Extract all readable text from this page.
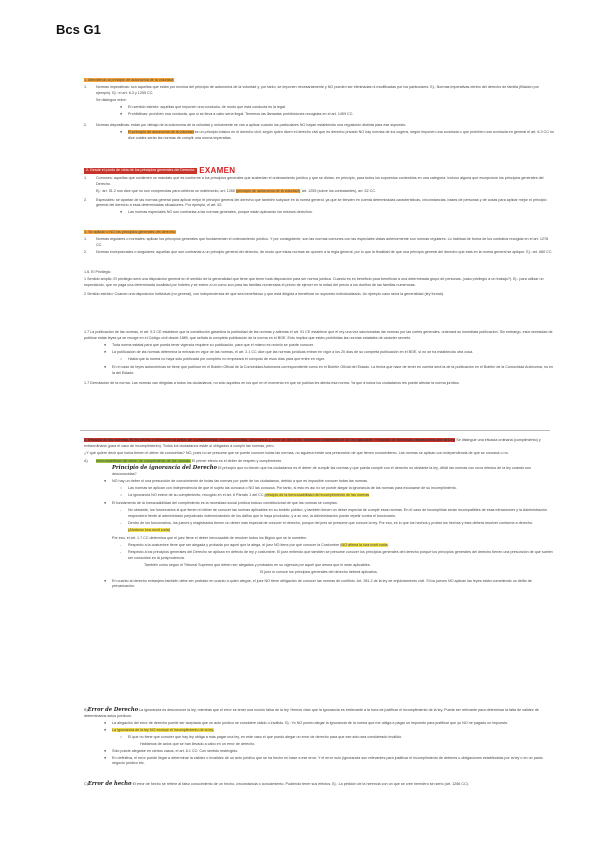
Bcs G1

1. Atendiendo al principio de autonomía de la voluntad:

1. Normas imperativas: son aquellas que están por encima del principio de autonomía de la voluntad y, por tanto, se imponen necesariamente y NO pueden ser eliminadas ni modificadas por los particulares. Ej.: Normas imperativas dentro del derecho de familia (filiación por ejemplo). Ej.: el art. 6.3 y 1255 CC.

Se distingue entre:

● En sentido estricto: aquellas que imponen una conducta, de modo que esta conducta es la legal.

● Prohibitivas: prohíben una conducta, que si se lleva a cabo sería ilegal. Tenemos las llamadas prohibiciones recogidas en el art. 1459 CC.

2. Normas dispositivas: están por debajo de la autonomía de la voluntad y únicamente se van a aplicar cuando los particulares NO hayan establecido una regulación distinta para ese supuesto.

● El principio de autonomía de la voluntad es un principio básico en el derecho civil, según quien dicen el derecho civil que es derecho privado NO hay normas de ius cogens, según imponen una conducta o que prohíben una conducta en general el art. 6.3 CC no dice cuáles serán las normas de cumplir una norma imperativa.

2. Desde el punto de vista de los principios generales del Derecho: EXAMEN

1. Comunes: aquellas que contienen un mandato que es conforme a los principios generales que sustentan el ordenamiento jurídico y que se dictan, en principio, para todos los supuestos contenidos en una categoría. Incluso alguna que excepcione los principios generales del Derecho.

Ej.: art. 51.2 nos dice que no son comprendas para celebrar un matrimonio, art. 1265 (principio de autonomía de la voluntad), art. 1255 (sobre los contratantes), art. 52 CC.

2. Especiales: se apartan de las normas general para aplicar mejor el principio general del derecho que también subyace en la norma general, ya que se tienden en cuenta determinadas características, circunstancias, bases de personas y de cosas para aplicar mejor el principio general del derecho a esas determinadas situaciones. Por ejemplo, el art. 52.

● Las normas especiales NO son contrarias a las normas generales, porque están aplicando los mismos derechos.

3. Se aplican o NO los principios generales del derecho:

1. Normas regulares o normales: aplican los principios generales que fundamentan el ordenamiento jurídico. Y por consiguiente, son las normas comunes con las especiales vistas anteriormente son normas regulares. Lo habitual de forma de los contratos recogida en el art. 1278 CC.

2. Normas excepcionales o singulares: aquellas que son contrarias a un principio general del derecho, de modo que estas normas se oponen a la regla general, por lo que la finalidad de que una principio general del derecho que está en la norma general se aplique. Ej.: art. 680 CC.

1.6. El Privilegio

1 Sentido amplio: El privilegio será una disposición general en el sentido de la generalidad que tiene que tener toda disposición para ser norma jurídica. Cuando es en beneficio para beneficiar a una determinada grupo de personas, (caso privilegio a un trabajo?). Ej.: para utilizar un espectáculo, que no paga una determinada localidad por hoteles y se exime a un como son para las familias numerosas el precio de ejercer en la mitad del precio a los dueños de las familias numerosas.

2 Sentido estricto: Cuando una disposición individual (no general), con independencia de que sea beneficioso y que está dirigida a beneficiar un supuesto individualizado. Un ejemplo caso sería la generalidad (ley formal).

1.7 La publicación de las normas, el art. 9.3 CE establece que la constitución garantiza la publicidad de las normas y además el art. 91 CE establece que el rey una vez sancionadas las normas por las cortes generales, ordenará su inmediata publicación. Sin embargo, esta necesidad de publicar estas leyes ya se recoge en el Código civil desde 1889, que señala la completa publicación de la norma en el BOE. Esto implica que están prohibidas las normas estatales de carácter secreto.

● Toda norma estatal para que pueda tener vigencia requiere su publicación, para que el mismo es notorio se puede conocer.

● La publicación de las normas determina la entrada en vigor de las normas, el art. 2.1 CC dice que las normas jurídicas entran en vigor a los 20 días de su completa publicación en el BOE, si no se ha establecido otra cosa.

○ Hasta que la norma no haya sido publicada por completo no empezará el cómputo de esos días para que entre en vigor.

● En el caso de leyes autonómicas se tiene que publicar en el Boletín Oficial de la Comunidad Autónoma correspondiente como en el Boletín Oficial del Estado. La fecha que hace de tener en cuenta será la de la publicación en el Boletín de la Comunidad Autónoma, no en la del Estado.

1.7 Derrotación de la norma. Las normas van dirigidas a todos los ciudadanos, no sólo aquellos en los que en el momento en que se publica les afecta esa norma. Ya que a todos los ciudadanos les puede afectar la norma jurídica.

2. Eficacia de las normas. El fin último e inherente al deber de cumplimiento: inexcusabilidad, ignorancia y error de derecho; exclusión voluntaria de la Ley aplicable; renuncia de derechos reconocidos por la Ley. Se distingue una eficacia ordinaria (cumplimiento) y extraordinaria (para el caso de incumplimiento). Todos los ciudadanos están sí obligados a cumplir las normas, pero,

¿Y qué quiere decir que todos tienen el deber de conocerlas? NO, pues no se presume que se puede conocer todas las normas, no siguiera existe una presunción de que tienen conocimiento. Las normas se aplican con independencia de que se conozca o no.

A) Inexcusabilidad del deber de cumplimiento de las normas. El primer efecto es el deber de respeto y cumplimiento.

Principio de ignorancia del Derecho El principio que no tienen que los ciudadanos es el deber de cumplir las normas y que pueda cumplir con el derecho no obstante la ley, difícil las normas con unos efectos de la ley cuando son desconocidas?

● NO hay un deber ni una presunción de conocimiento de todas las normas por parte de los ciudadanos, debido a que es imposible conocer todas las normas.

○ Las normas se aplican con independencia de que el sujeto las conozca o NO las conozca. Por tanto, si esto es así no se puede alegar la ignorancia de las normas para excusarse de su incumplimiento.

○ La ignorancia NO exime de su cumplimiento, recogido en el art. 6 Párrafo 1 del CC principio de la inexcusabilidad del incumplimiento de las normas

● El fundamento de la inexcusabilidad del cumplimiento es la necesidad social jurídica incluso constitucional de que las normas se cumplan.

- No obstante, los funcionarios si que tienen el deber de conocer las normas aplicables en su ámbito público, y también tienen un deber especial de cumplir esas normas. En el caso de incumplirlas serán incompatibles de esas infracciones y la Administración responderá frente al administrado perjudicado indemnizándolo de los daños que le haya producido, y a su vez, la Administración puede repetir contra el funcionario.

- Dentro de los funcionarios, los jueces y magistrados tienen un deber más especial de conocer el derecho, porque del juez se presume que conoce la ley. Por eso, es lo que los hechos y probar los hechos y ésta deberá resolver conforme a derecho.

(Aforismo iura novit curia)

Por eso, el art. 1.7 CC determina que el juez tiene el deber inexcusable de resolver todos los litigios que se le someten.

- Respecto a la costumbre tiene que ser alegada y probada por aquel que la alega, el juez NO tiene por qué conocer la Costumbre (NO afirma la iura novit curia).

- Respecto a los principios generales del Derecho se aplican en defecto de ley y costumbre. El juez entiendo que también se presume conocer los principios generales del derecho porque los principios generales del derecho tienen una presunción de que suelen ser conocidos en la jurisprudencia.

También cómo según el Tribunal Supremo que deben ser alegados y probados en su vigencia por aquel que desea que le sean aplicables.

El juez sí conoce los principios generales del derecho deberá aplicarlos.

● En cuanto al derecho extranjero también debe ser probado en cuanto a quien alegue, el juez NO tiene obligación de conocer las normas de conflicto. Art. 281.2 de la ley de enjuiciamiento civil. Si los jueces NO aplican las leyes están cometiendo un delito de prevaricación.

B)Error de Derecho La ignorancia es desconocer la ley, mientras que el error es tener una noción falsa de la ley. Hemos visto que la ignorancia es irrelevante a la hora de justificar el incumplimiento de la ley. Puede ser relevante para determinar la falta de validez de determinados actos jurídicos.

● La alegación del error de derecho puede ser aceptada que un acto jurídico se considere válido o inválido. Ej.: Yo NO puedo alegar la ignorancia de la norma que me obliga a pagar un impuesto para justificar que yo NO he pagado un impuesto.

● La ignorancia de la ley NO excluye el incumplimiento de la ley.

○ El que no tiene que conocer que hay ley obliga a más pagar una ley, en este caso el que puedo alegar un error de derecho para que ese acto sea considerado inválido.

Hablamos de actos que se han llevado a cabo en un error de derecho.

● Sólo puede alegarse en ciertos casos, el art. 6.1 CC: Con sentido restringido.

● En definitiva, el error puede llegar a determinar la validez o invalidez de un acto jurídico que se ha hecho en base a ese error. Y el error nulo (ignorancia son relevantes para justificar el incumplimiento de deberes u obligaciones establecidas por la ley o en un pacto negocio jurídico etc.

C)Error de hecho El error de hecho se refiere al falso conocimiento de un hecho, circunstancia o conocimiento. Pudiendo tener sus efectos. Ej.: La petición de la herencia con un que se cree heredero sin serlo (art. 1266 CC).
